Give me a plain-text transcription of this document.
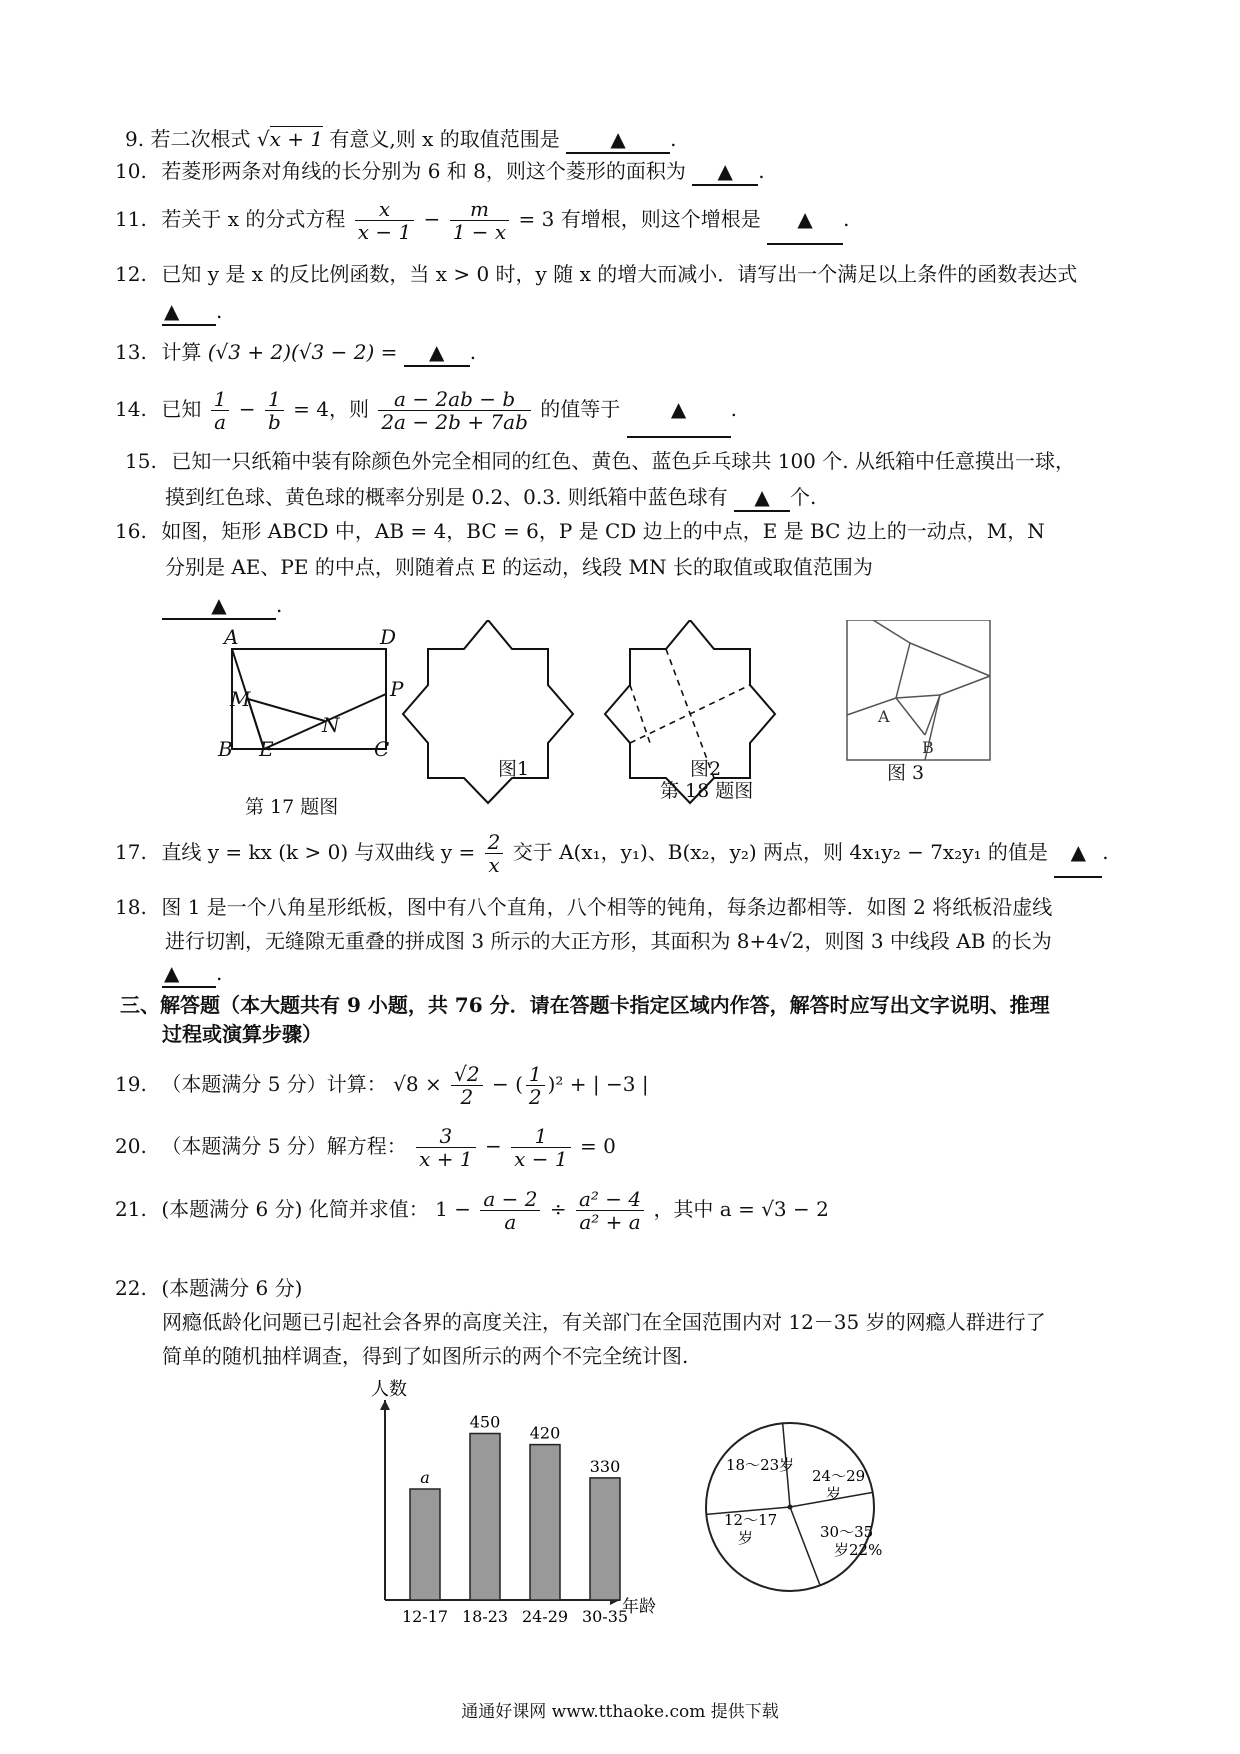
9. 若二次根式 √x + 1 有意义,则 x 的取值范围是	▲ .
10. 若菱形两条对角线的长分别为 6 和 8，则这个菱形的面积为 ▲ .
11. 若关于 x 的分式方程 $\frac{x}{x - 1} - \frac{m}{1 - x} = 3$ 有增根，则这个增根是 ▲ .
12. 已知 y 是 x 的反比例函数，当 x > 0 时，y 随 x 的增大而减小．请写出一个满足以上条件的函数表达式
▲ .
13. 计算 (√3 + 2)(√3 − 2) = ▲ .
14. 已知 $\frac{1}{a} - \frac{1}{b} = 4$，则 $\frac{a - 2ab - b}{2a - 2b + 7ab}$ 的值等于	▲ .
15. 已知一只纸箱中装有除颜色外完全相同的红色、黄色、蓝色乒乓球共 100 个. 从纸箱中任意摸出一球，
摸到红色球、黄色球的概率分别是 0.2、0.3. 则纸箱中蓝色球有 ▲ 个.
16. 如图，矩形 ABCD 中，AB = 4，BC = 6，P 是 CD 边上的中点，E 是 BC 边上的一动点，M，N
分别是 AE、PE 的中点，则随着点 E 的运动，线段 MN 长的取值或取值范围为
▲ .
A	D
M	P
N
B E	C
A
B
图1	图2	图 3
第 18 题图
第 17 题图
17. 直线 y = kx (k > 0) 与双曲线 $y = \frac{2}{x}$ 交于 A(x₁，y₁)、B(x₂，y₂) 两点，则 4x₁y₂ − 7x₂y₁ 的值是 ▲ .
18. 图 1 是一个八角星形纸板，图中有八个直角，八个相等的钝角，每条边都相等．如图 2 将纸板沿虚线
进行切割，无缝隙无重叠的拼成图 3 所示的大正方形，其面积为 8+4√2，则图 3 中线段 AB 的长为
▲ .
三、解答题（本大题共有 9 小题，共 76 分．请在答题卡指定区域内作答，解答时应写出文字说明、推理
过程或演算步骤）
19. （本题满分 5 分）计算： $√8 \times \frac{√2}{2}$ − ( $\frac{1}{2} )^2$ + | −3 |
20. （本题满分 5 分）解方程： $\frac{3}{x + 1} - \frac{1}{x - 1} = 0$
21. (本题满分 6 分) 化简并求值： $1 - \frac{a - 2}{a} \div \frac{\text{a² − 4}}{\text{a² + a}}$ ，其中 a = √3 − 2
22. (本题满分 6 分)
网瘾低龄化问题已引起社会各界的高度关注，有关部门在全国范围内对 12－35 岁的网瘾人群进行了
简单的随机抽样调查，得到了如图所示的两个不完全统计图.
人数
年龄
a
12-17
450
18-23
420
24-29
330
30-35
18～23岁
24～29 岁
30～35 岁22%
12～17 岁
通通好课网 www.tthaoke.com 提供下载
